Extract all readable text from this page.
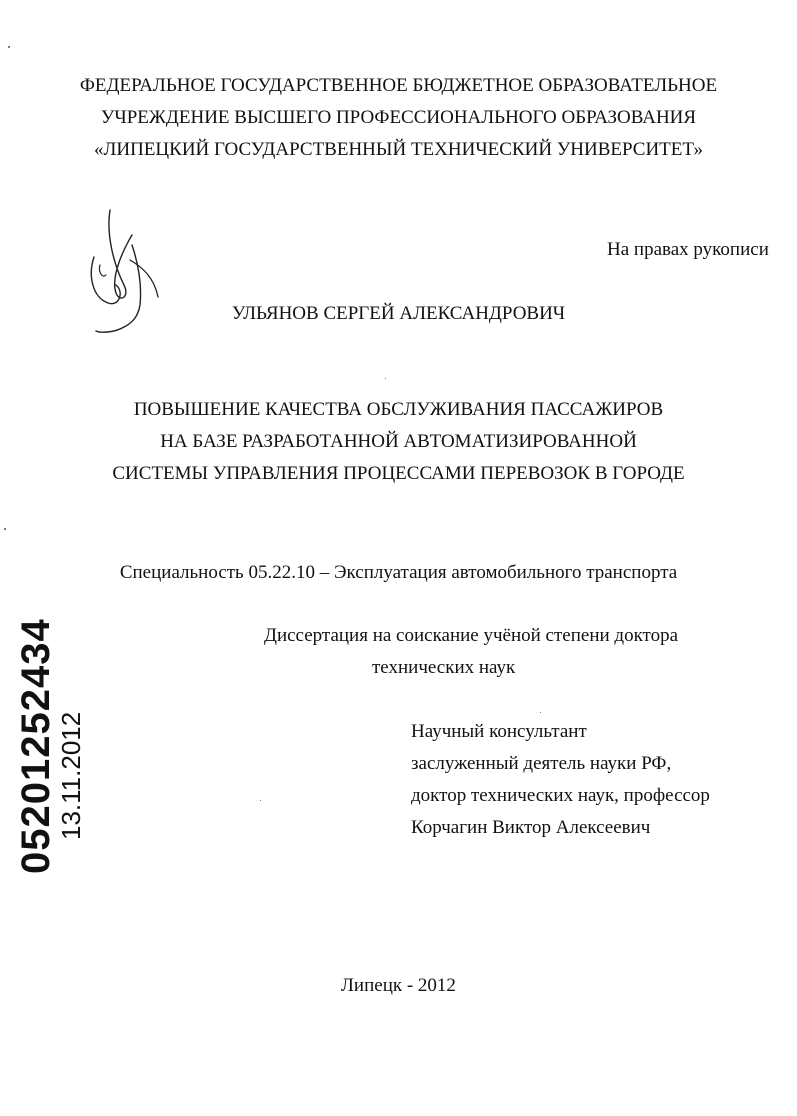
ФЕДЕРАЛЬНОЕ ГОСУДАРСТВЕННОЕ БЮДЖЕТНОЕ ОБРАЗОВАТЕЛЬНОЕ
УЧРЕЖДЕНИЕ ВЫСШЕГО ПРОФЕССИОНАЛЬНОГО ОБРАЗОВАНИЯ
«ЛИПЕЦКИЙ ГОСУДАРСТВЕННЫЙ ТЕХНИЧЕСКИЙ УНИВЕРСИТЕТ»
На правах рукописи
УЛЬЯНОВ СЕРГЕЙ АЛЕКСАНДРОВИЧ
ПОВЫШЕНИЕ КАЧЕСТВА ОБСЛУЖИВАНИЯ ПАССАЖИРОВ
НА БАЗЕ РАЗРАБОТАННОЙ АВТОМАТИЗИРОВАННОЙ
СИСТЕМЫ УПРАВЛЕНИЯ ПРОЦЕССАМИ ПЕРЕВОЗОК В ГОРОДЕ
Специальность 05.22.10 – Эксплуатация автомобильного транспорта
Диссертация на соискание учёной степени доктора
технических наук
Научный консультант
заслуженный деятель науки РФ,
доктор технических наук, профессор
Корчагин Виктор Алексеевич
Липецк - 2012
05201252434
13.11.2012
